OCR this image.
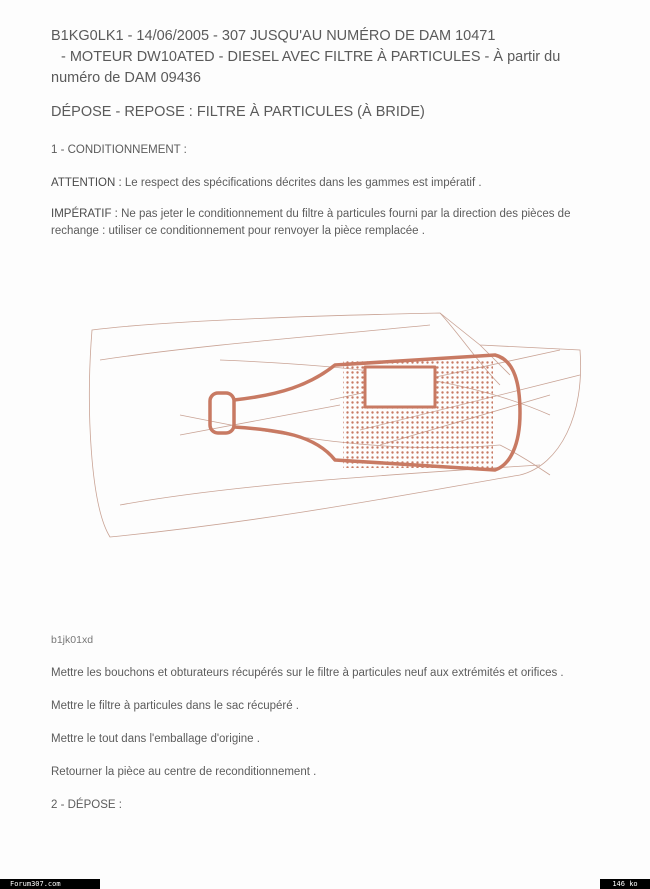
B1KG0LK1 - 14/06/2005 - 307 JUSQU'AU NUMÉRO DE DAM 10471
- MOTEUR DW10ATED - DIESEL AVEC FILTRE À PARTICULES - À partir du
numéro de DAM 09436
DÉPOSE - REPOSE : FILTRE À PARTICULES (À BRIDE)
1 - CONDITIONNEMENT :
ATTENTION : Le respect des spécifications décrites dans les gammes est impératif .
IMPÉRATIF : Ne pas jeter le conditionnement du filtre à particules fourni par la direction des pièces de rechange : utiliser ce conditionnement pour renvoyer la pièce remplacée .
b1jk01xd
Mettre les bouchons et obturateurs récupérés sur le filtre à particules neuf aux extrémités et orifices .
Mettre le filtre à particules dans le sac récupéré .
Mettre le tout dans l'emballage d'origine .
Retourner la pièce au centre de reconditionnement .
2 - DÉPOSE :
Forum307.com	146 ko
